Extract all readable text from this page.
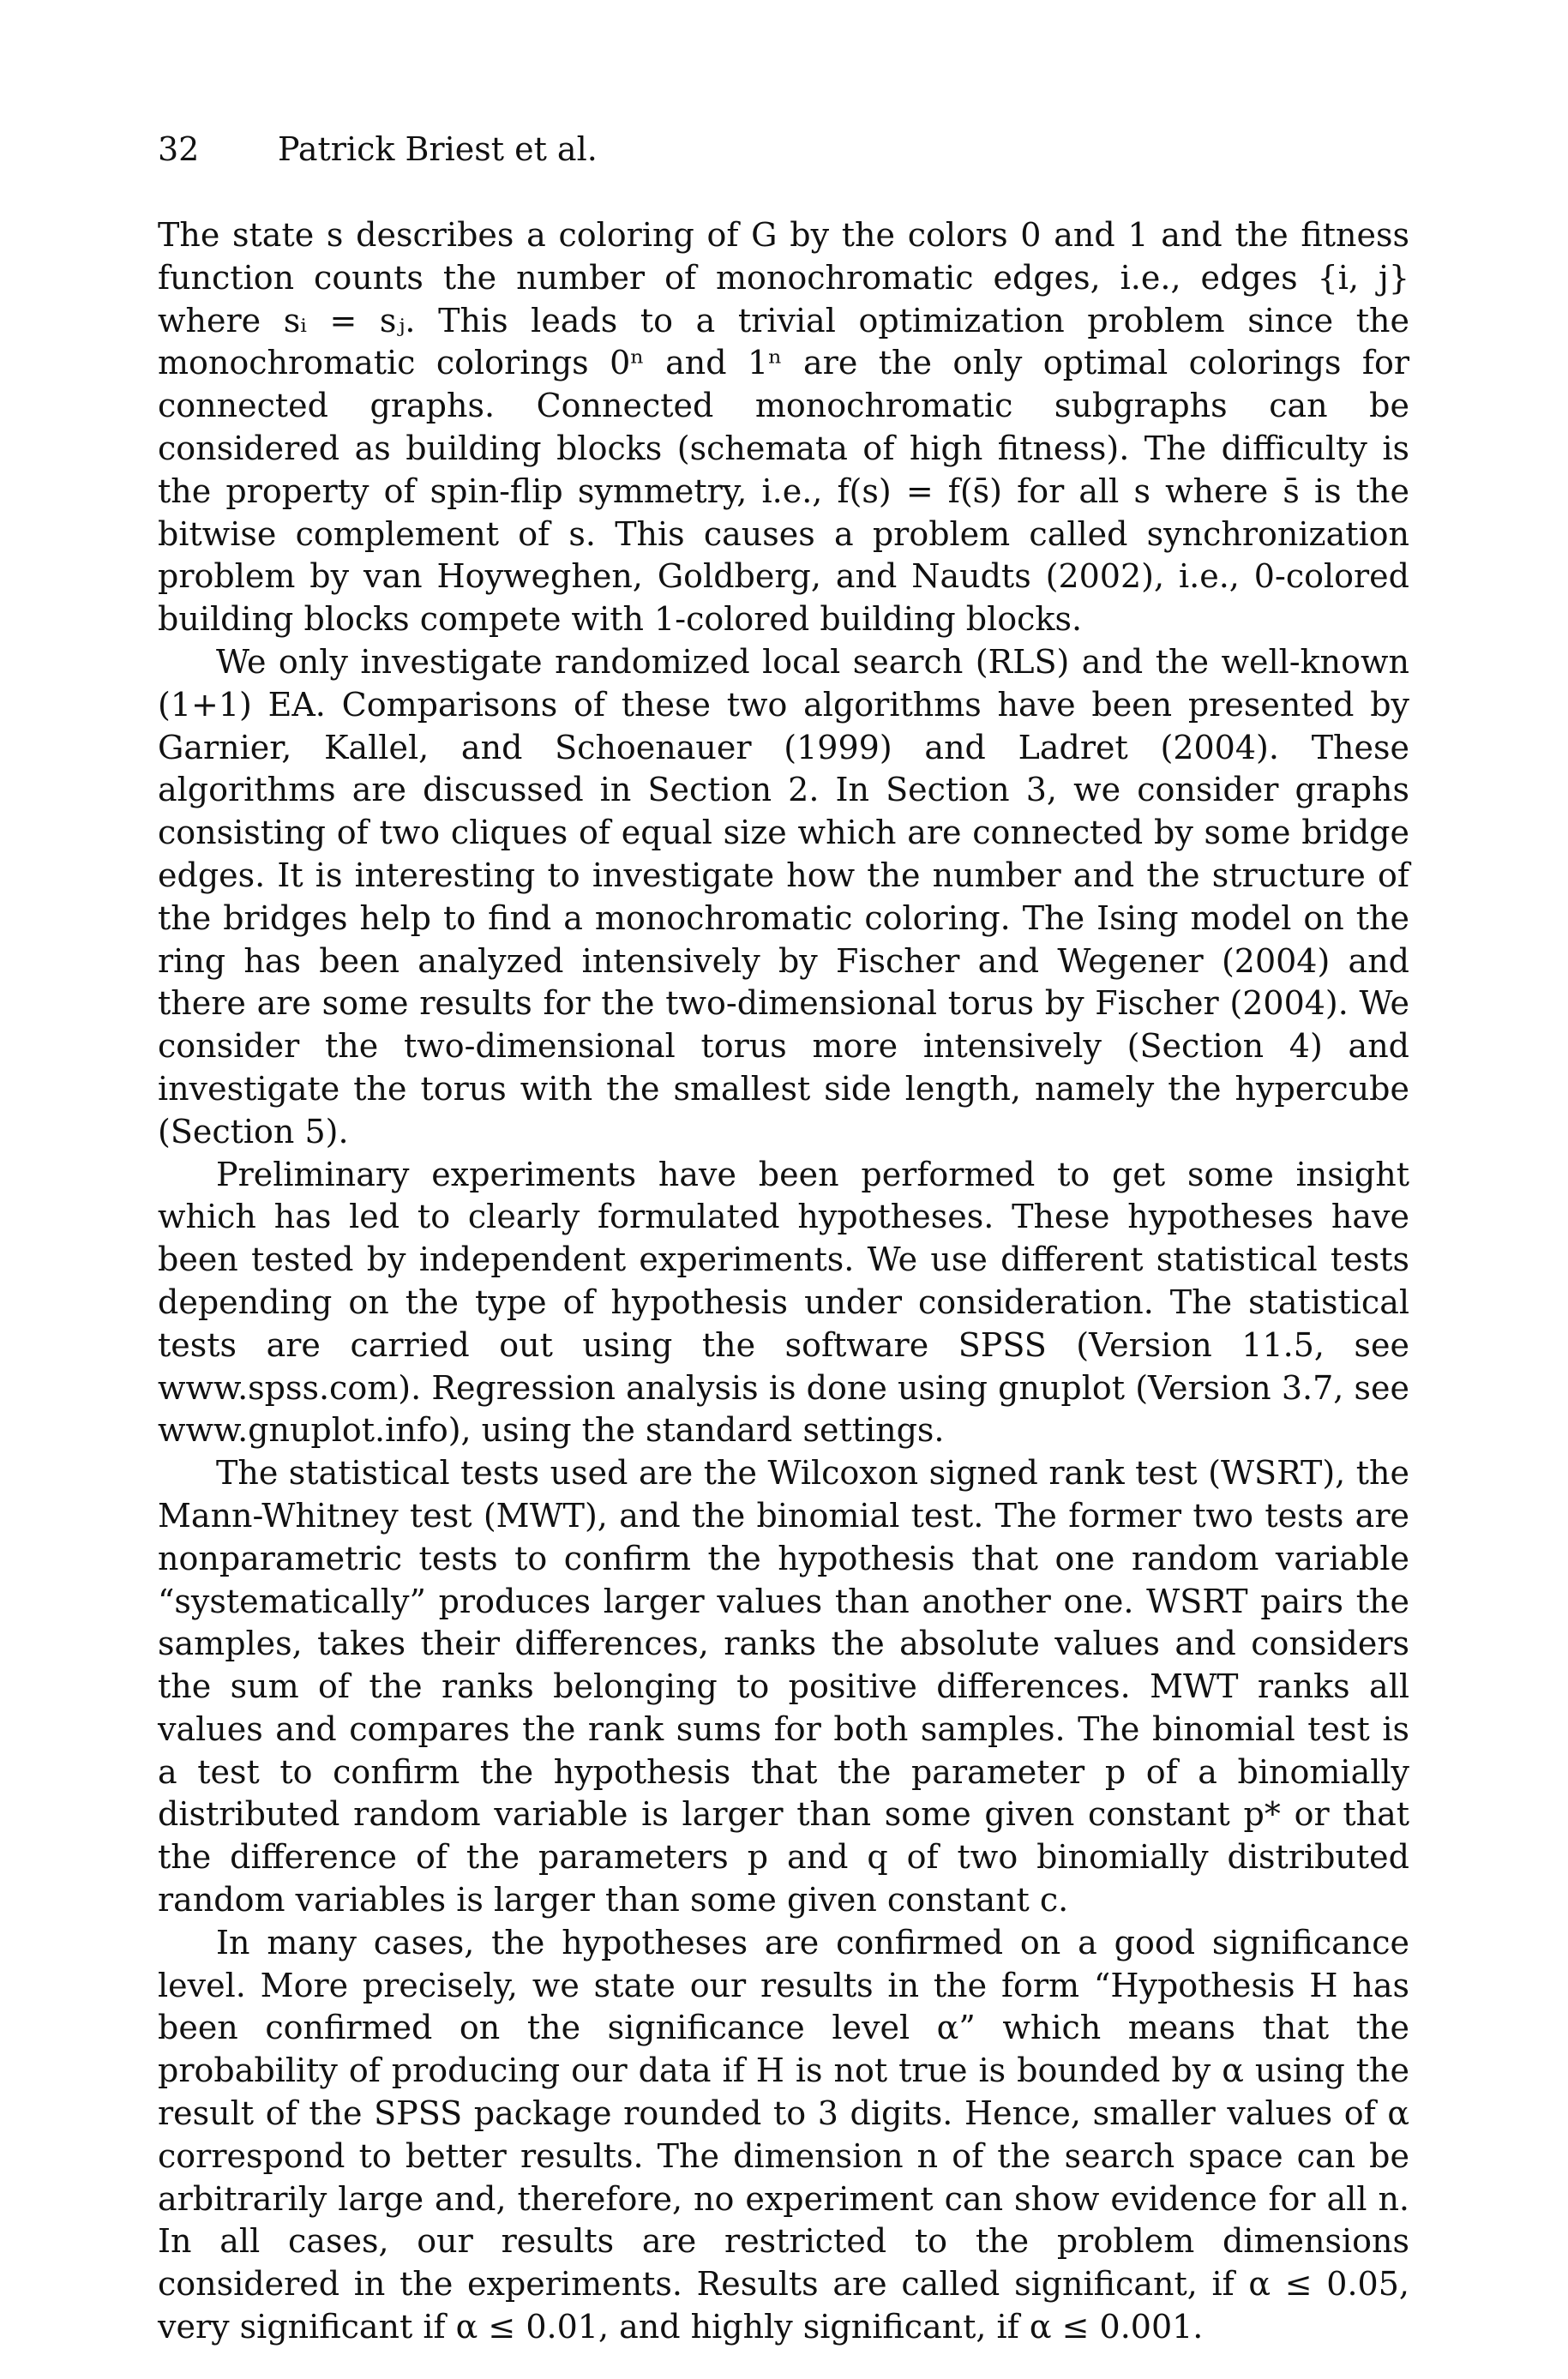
32 Patrick Briest et al.

The state s describes a coloring of G by the colors 0 and 1 and the fitness function counts the number of monochromatic edges, i.e., edges {i, j} where sᵢ = sⱼ. This leads to a trivial optimization problem since the monochromatic colorings 0ⁿ and 1ⁿ are the only optimal colorings for connected graphs. Connected monochromatic subgraphs can be considered as building blocks (schemata of high fitness). The difficulty is the property of spin-flip symmetry, i.e., f(s) = f(s̄) for all s where s̄ is the bitwise complement of s. This causes a problem called synchronization problem by van Hoyweghen, Goldberg, and Naudts (2002), i.e., 0-colored building blocks compete with 1-colored building blocks.

We only investigate randomized local search (RLS) and the well-known (1+1) EA. Comparisons of these two algorithms have been presented by Garnier, Kallel, and Schoenauer (1999) and Ladret (2004). These algorithms are discussed in Section 2. In Section 3, we consider graphs consisting of two cliques of equal size which are connected by some bridge edges. It is interesting to investigate how the number and the structure of the bridges help to find a monochromatic coloring. The Ising model on the ring has been analyzed intensively by Fischer and Wegener (2004) and there are some results for the two-dimensional torus by Fischer (2004). We consider the two-dimensional torus more intensively (Section 4) and investigate the torus with the smallest side length, namely the hypercube (Section 5).

Preliminary experiments have been performed to get some insight which has led to clearly formulated hypotheses. These hypotheses have been tested by independent experiments. We use different statistical tests depending on the type of hypothesis under consideration. The statistical tests are carried out using the software SPSS (Version 11.5, see www.spss.com). Regression analysis is done using gnuplot (Version 3.7, see www.gnuplot.info), using the standard settings.

The statistical tests used are the Wilcoxon signed rank test (WSRT), the Mann-Whitney test (MWT), and the binomial test. The former two tests are nonparametric tests to confirm the hypothesis that one random variable “systematically” produces larger values than another one. WSRT pairs the samples, takes their differences, ranks the absolute values and considers the sum of the ranks belonging to positive differences. MWT ranks all values and compares the rank sums for both samples. The binomial test is a test to confirm the hypothesis that the parameter p of a binomially distributed random variable is larger than some given constant p* or that the difference of the parameters p and q of two binomially distributed random variables is larger than some given constant c.

In many cases, the hypotheses are confirmed on a good significance level. More precisely, we state our results in the form “Hypothesis H has been confirmed on the significance level α” which means that the probability of producing our data if H is not true is bounded by α using the result of the SPSS package rounded to 3 digits. Hence, smaller values of α correspond to better results. The dimension n of the search space can be arbitrarily large and, therefore, no experiment can show evidence for all n. In all cases, our results are restricted to the problem dimensions considered in the experiments. Results are called significant, if α ≤ 0.05, very significant if α ≤ 0.01, and highly significant, if α ≤ 0.001.
